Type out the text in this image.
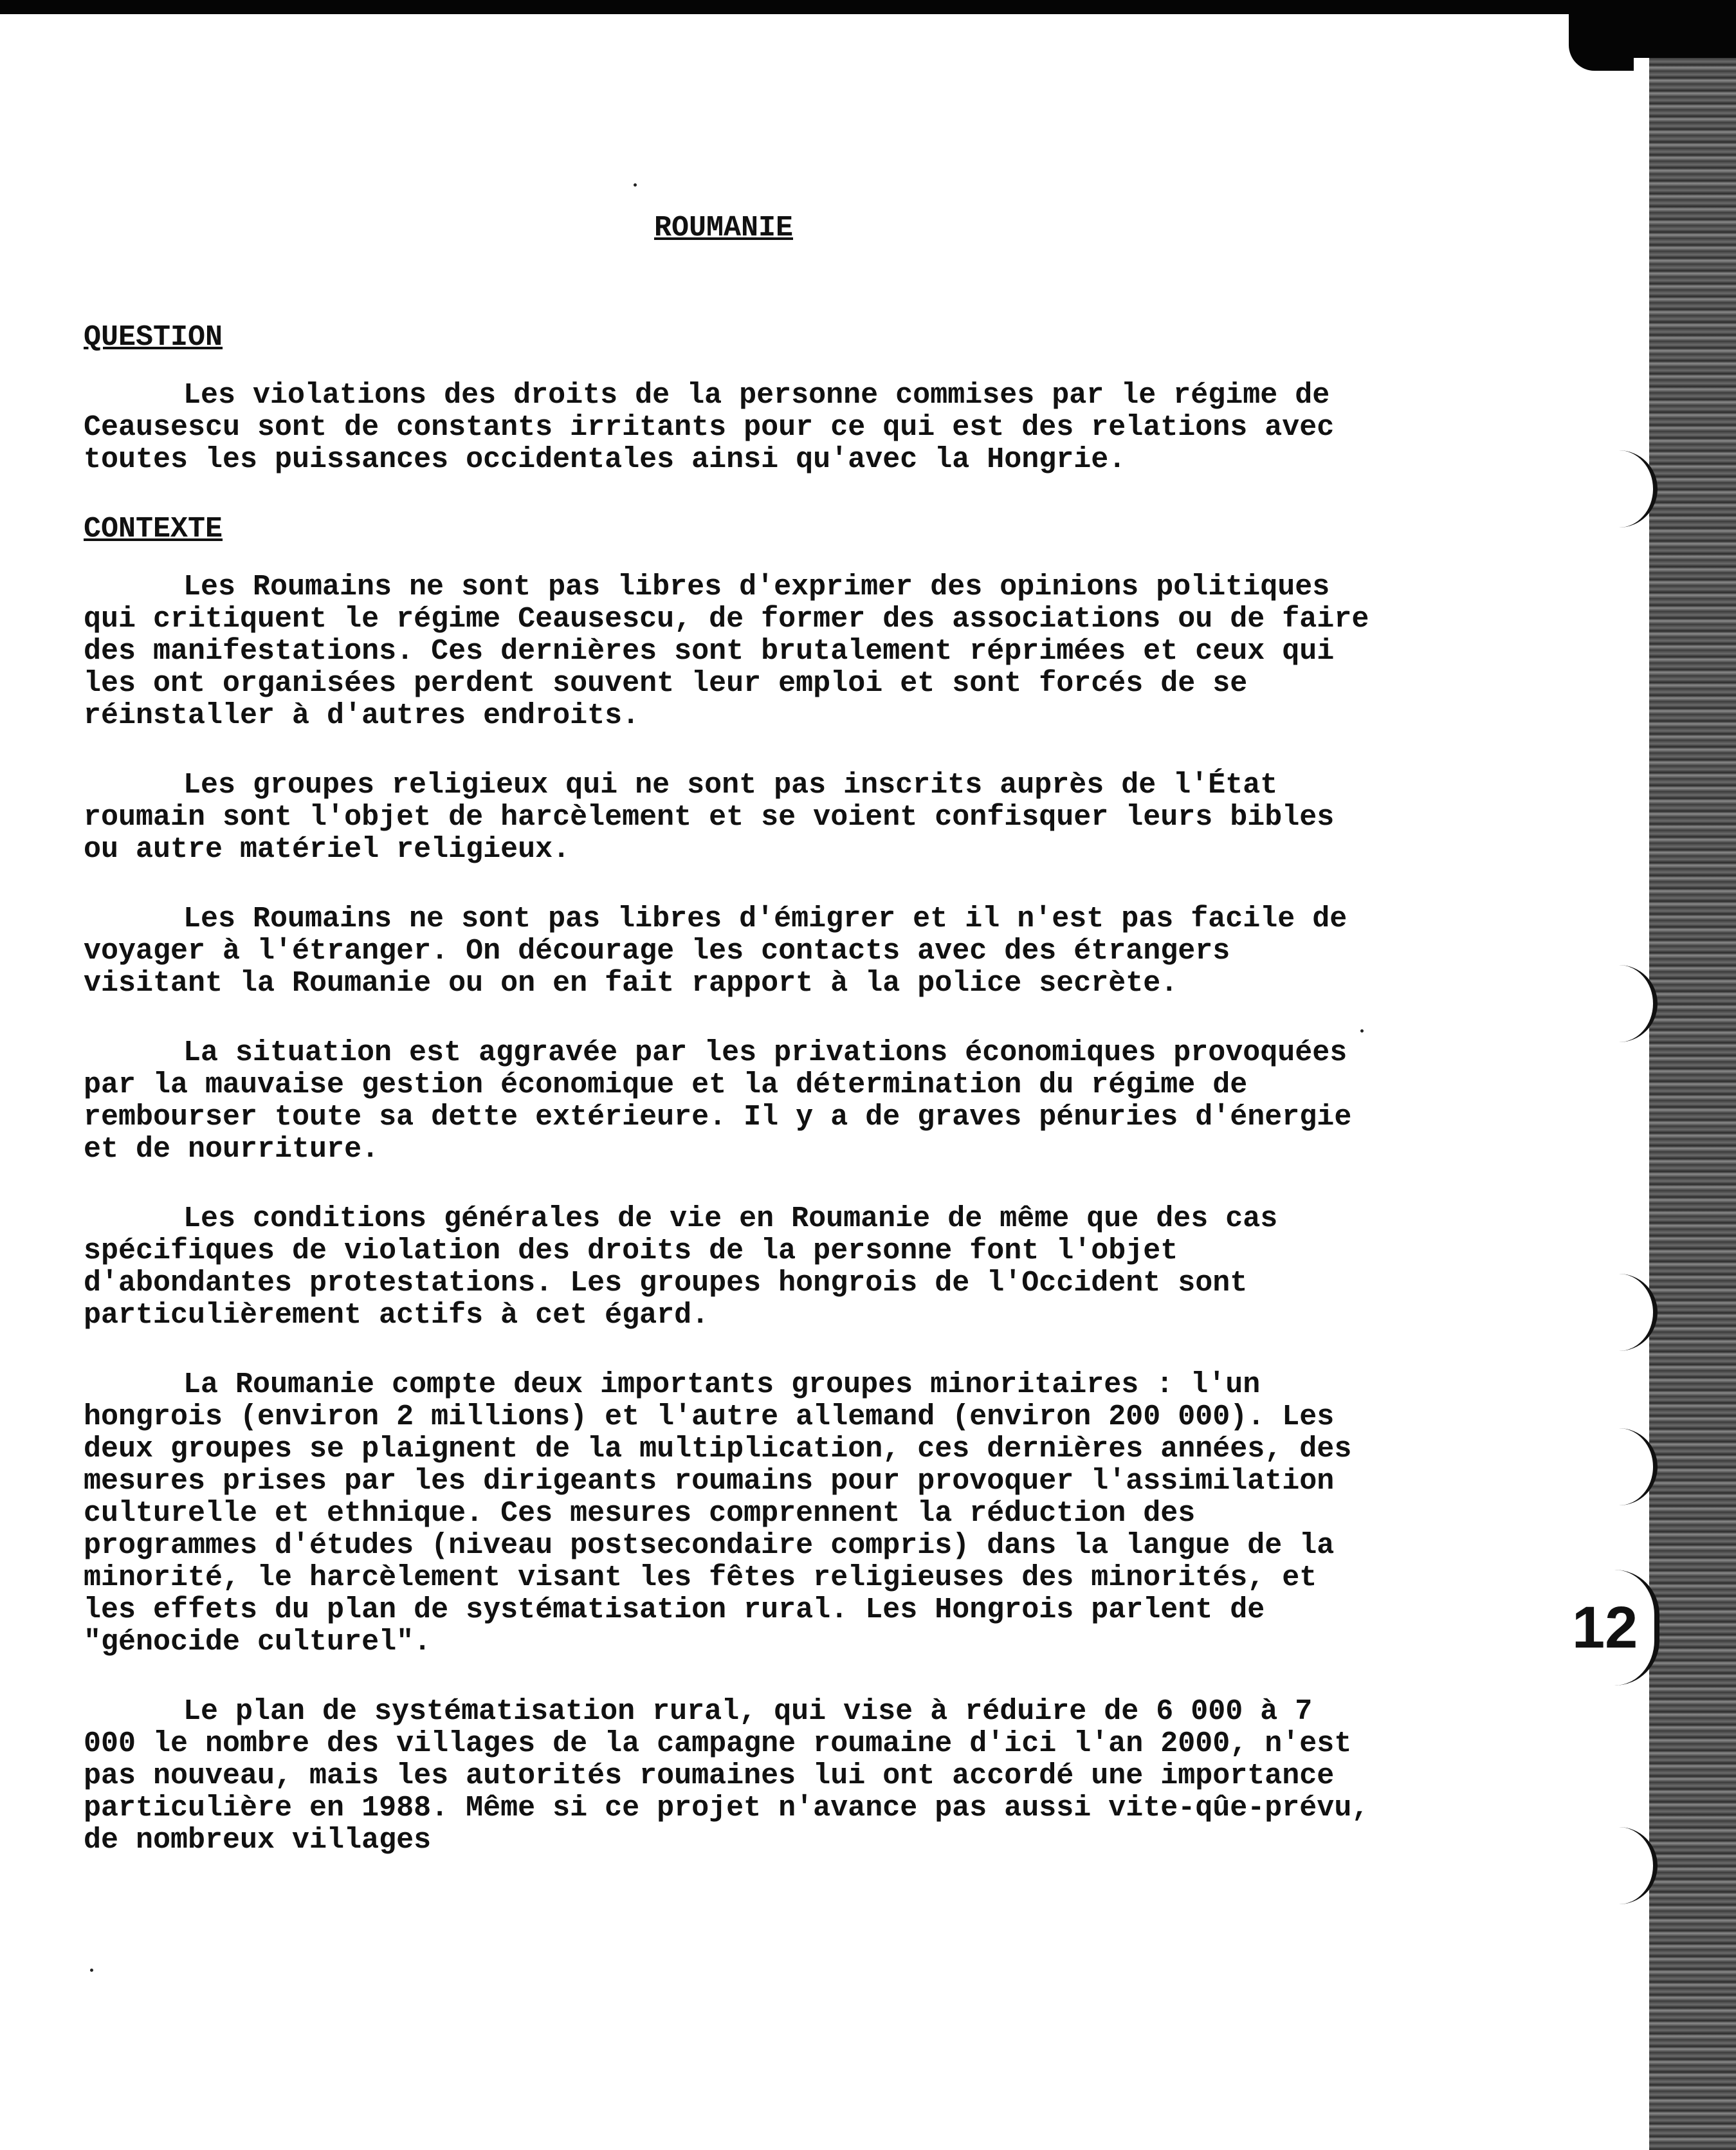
12
ROUMANIE
QUESTION

Les violations des droits de la personne commises par le régime de Ceausescu sont de constants irritants pour ce qui est des relations avec toutes les puissances occidentales ainsi qu'avec la Hongrie.

CONTEXTE

Les Roumains ne sont pas libres d'exprimer des opinions politiques qui critiquent le régime Ceausescu, de former des associations ou de faire des manifestations. Ces dernières sont brutalement réprimées et ceux qui les ont organisées perdent souvent leur emploi et sont forcés de se réinstaller à d'autres endroits.

Les groupes religieux qui ne sont pas inscrits auprès de l'État roumain sont l'objet de harcèlement et se voient confisquer leurs bibles ou autre matériel religieux.

Les Roumains ne sont pas libres d'émigrer et il n'est pas facile de voyager à l'étranger. On décourage les contacts avec des étrangers visitant la Roumanie ou on en fait rapport à la police secrète.

La situation est aggravée par les privations économiques provoquées par la mauvaise gestion économique et la détermination du régime de rembourser toute sa dette extérieure. Il y a de graves pénuries d'énergie et de nourriture.

Les conditions générales de vie en Roumanie de même que des cas spécifiques de violation des droits de la personne font l'objet d'abondantes protestations. Les groupes hongrois de l'Occident sont particulièrement actifs à cet égard.

La Roumanie compte deux importants groupes minoritaires : l'un hongrois (environ 2 millions) et l'autre allemand (environ 200 000). Les deux groupes se plaignent de la multiplication, ces dernières années, des mesures prises par les dirigeants roumains pour provoquer l'assimilation culturelle et ethnique. Ces mesures comprennent la réduction des programmes d'études (niveau postsecondaire compris) dans la langue de la minorité, le harcèlement visant les fêtes religieuses des minorités, et les effets du plan de systématisation rural. Les Hongrois parlent de "génocide culturel".

Le plan de systématisation rural, qui vise à réduire de 6 000 à 7 000 le nombre des villages de la campagne roumaine d'ici l'an 2000, n'est pas nouveau, mais les autorités roumaines lui ont accordé une importance particulière en 1988. Même si ce projet n'avance pas aussi vite-qûe-prévu, de nombreux villages
